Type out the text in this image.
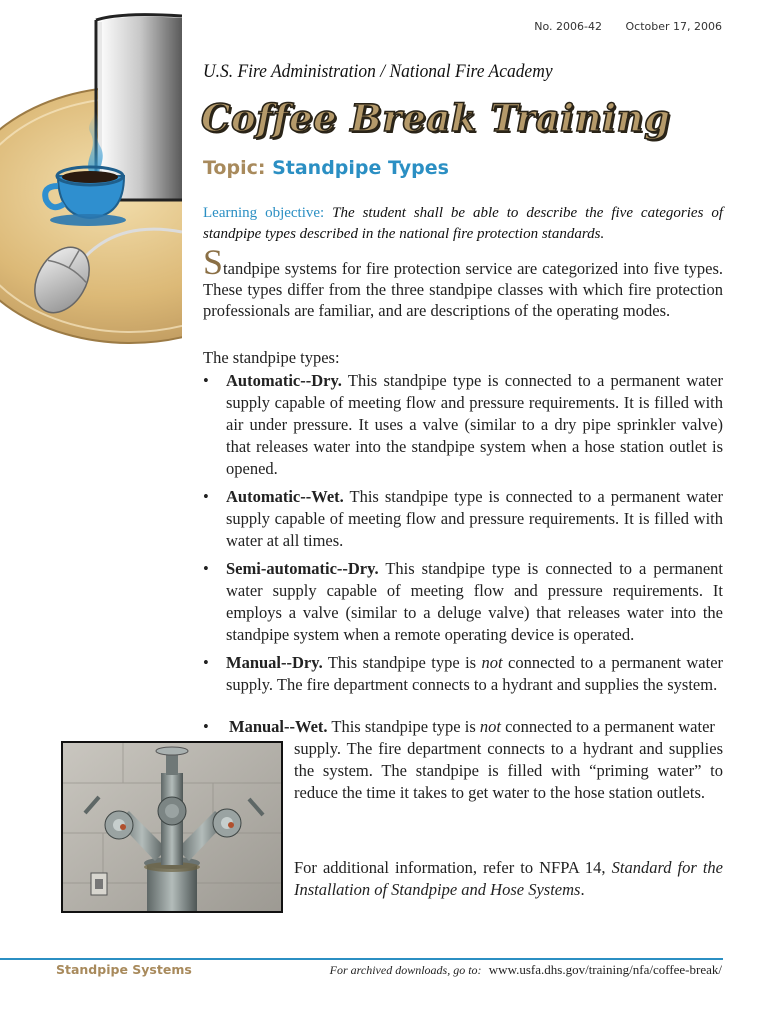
No. 2006-42 October 17, 2006
U.S. Fire Administration / National Fire Academy
Coffee Break Training
Topic: Standpipe Types
Learning objective: The student shall be able to describe the five categories of standpipe types described in the national fire protection standards.
Standpipe systems for fire protection service are categorized into five types. These types differ from the three standpipe classes with which fire protection professionals are familiar, and are descriptions of the operating modes.
The standpipe types:
• Automatic--Dry. This standpipe type is connected to a permanent water supply capable of meeting flow and pressure requirements. It is filled with air under pressure. It uses a valve (similar to a dry pipe sprinkler valve) that releases water into the standpipe system when a hose station outlet is opened.
• Automatic--Wet. This standpipe type is connected to a permanent water supply capable of meeting flow and pressure requirements. It is filled with water at all times.
• Semi-automatic--Dry. This standpipe type is connected to a permanent water supply capable of meeting flow and pressure requirements. It employs a valve (similar to a deluge valve) that releases water into the standpipe system when a remote operating device is operated.
• Manual--Dry. This standpipe type is not connected to a permanent water supply. The fire department connects to a hydrant and supplies the system.
• Manual--Wet. This standpipe type is not connected to a permanent water
supply. The fire department connects to a hydrant and supplies the system. The standpipe is filled with “priming water” to reduce the time it takes to get water to the hose station outlets.
For additional information, refer to NFPA 14, Standard for the Installation of Standpipe and Hose Systems.
Standpipe Systems	For archived downloads, go to: www.usfa.dhs.gov/training/nfa/coffee-break/
